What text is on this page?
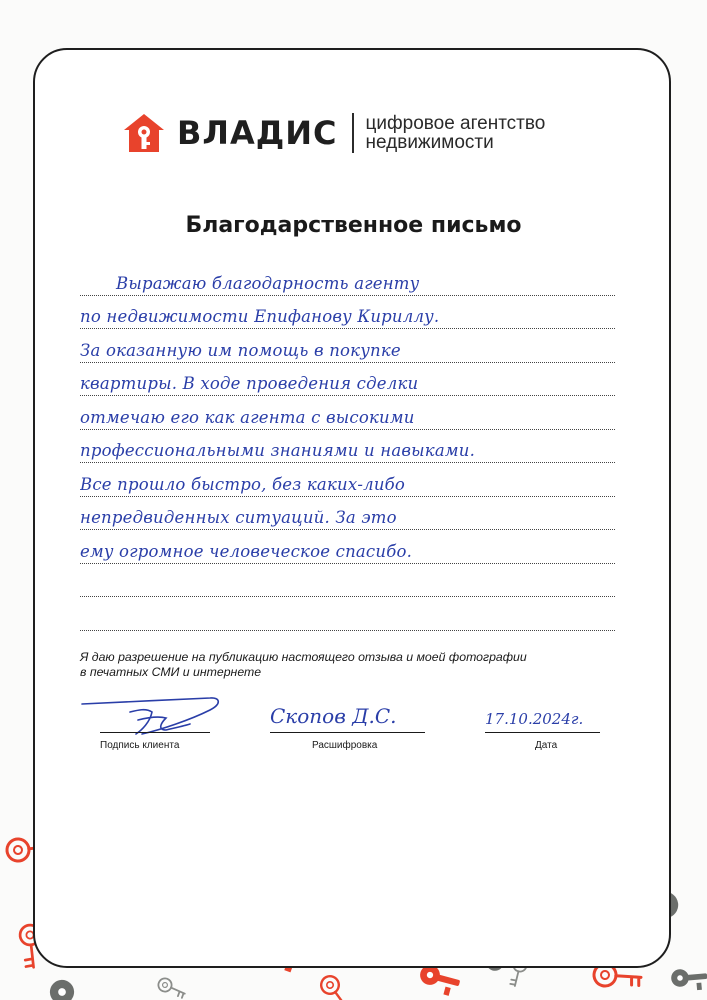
ВЛАДИС цифровое агентство
недвижимости
Благодарственное письмо
Выражаю благодарность агенту
по недвижимости Епифанову Кириллу.
За оказанную им помощь в покупке
квартиры. В ходе проведения сделки
отмечаю его как агента с высокими
профессиональными знаниями и навыками.
Все прошло быстро, без каких-либо
непредвиденных ситуаций. За это
ему огромное человеческое спасибо.
Я даю разрешение на публикацию настоящего отзыва и моей фотографии
в печатных СМИ и интернете
Подпись клиента
Скопов Д.С.
Расшифровка
17.10.2024г.
Дата
